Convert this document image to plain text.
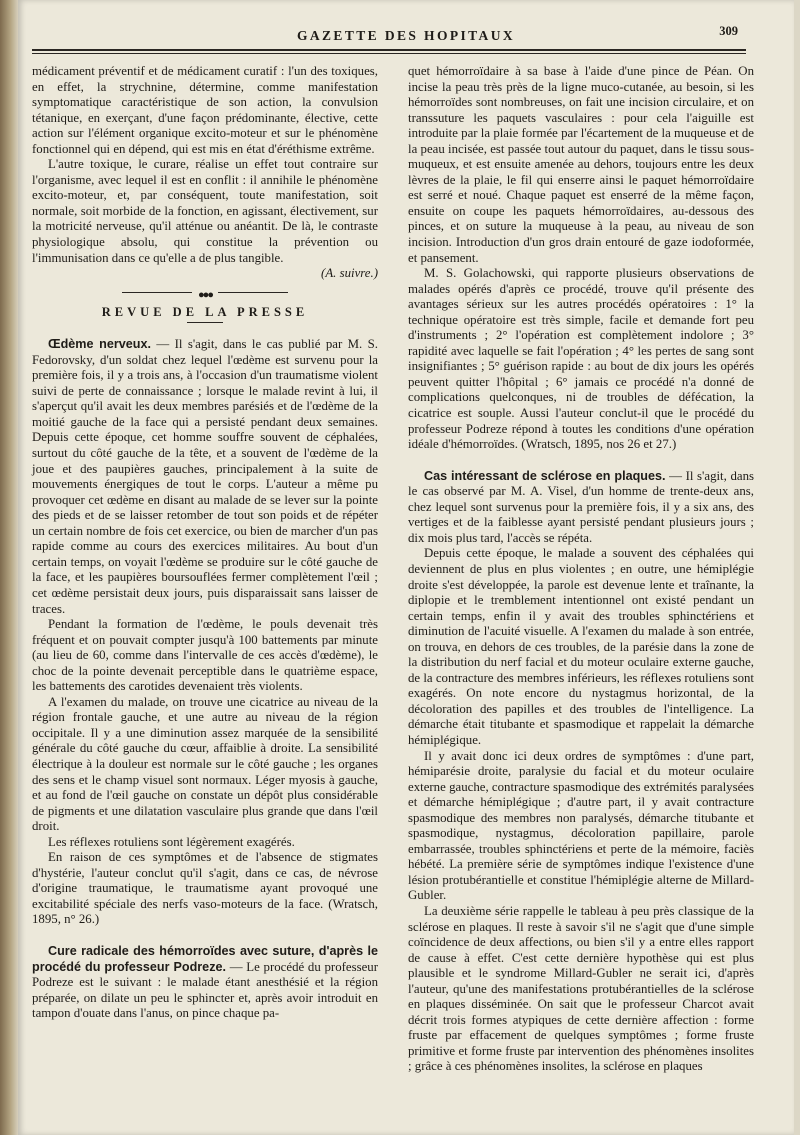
GAZETTE DES HOPITAUX	309

médicament préventif et de médicament curatif : l'un des toxiques, en effet, la strychnine, détermine, comme manifestation symptomatique caractéristique de son action, la convulsion tétanique, en exerçant, d'une façon prédominante, élective, cette action sur l'élément organique excito-moteur et sur le phénomène fonctionnel qui en dépend, qui est mis en état d'éréthisme extrême.

L'autre toxique, le curare, réalise un effet tout contraire sur l'organisme, avec lequel il est en conflit : il annihile le phénomène excito-moteur, et, par conséquent, toute manifestation, soit normale, soit morbide de la fonction, en agissant, électivement, sur la motricité nerveuse, qu'il atténue ou anéantit. De là, le contraste physiologique absolu, qui constitue la prévention ou l'immunisation dans ce qu'elle a de plus tangible.

(A. suivre.)
●●●
REVUE DE LA PRESSE

Œdème nerveux. — Il s'agit, dans le cas publié par M. S. Fedorovsky, d'un soldat chez lequel l'œdème est survenu pour la première fois, il y a trois ans, à l'occasion d'un traumatisme violent suivi de perte de connaissance ; lorsque le malade revint à lui, il s'aperçut qu'il avait les deux membres parésiés et de l'œdème de la moitié gauche de la face qui a persisté pendant deux semaines. Depuis cette époque, cet homme souffre souvent de céphalées, surtout du côté gauche de la tête, et a souvent de l'œdème de la joue et des paupières gauches, principalement à la suite de mouvements énergiques de tout le corps. L'auteur a même pu provoquer cet œdème en disant au malade de se lever sur la pointe des pieds et de se laisser retomber de tout son poids et de répéter un certain nombre de fois cet exercice, ou bien de marcher d'un pas rapide comme au cours des exercices militaires. Au bout d'un certain temps, on voyait l'œdème se produire sur le côté gauche de la face, et les paupières boursouflées fermer complètement l'œil ; cet œdème persistait deux jours, puis disparaissait sans laisser de traces.

Pendant la formation de l'œdème, le pouls devenait très fréquent et on pouvait compter jusqu'à 100 battements par minute (au lieu de 60, comme dans l'intervalle de ces accès d'œdème), le choc de la pointe devenait perceptible dans le quatrième espace, les battements des carotides devenaient très violents.

A l'examen du malade, on trouve une cicatrice au niveau de la région frontale gauche, et une autre au niveau de la région occipitale. Il y a une diminution assez marquée de la sensibilité générale du côté gauche du cœur, affaiblie à droite. La sensibilité électrique à la douleur est normale sur le côté gauche ; les organes des sens et le champ visuel sont normaux. Léger myosis à gauche, et au fond de l'œil gauche on constate un dépôt plus considérable de pigments et une dilatation vasculaire plus grande que dans l'œil droit.

Les réflexes rotuliens sont légèrement exagérés.

En raison de ces symptômes et de l'absence de stigmates d'hystérie, l'auteur conclut qu'il s'agit, dans ce cas, de névrose d'origine traumatique, le traumatisme ayant provoqué une excitabilité spéciale des nerfs vaso-moteurs de la face. (Wratsch, 1895, n° 26.)

Cure radicale des hémorroïdes avec suture, d'après le procédé du professeur Podreze. — Le procédé du professeur Podreze est le suivant : le malade étant anesthésié et la région préparée, on dilate un peu le sphincter et, après avoir introduit en tampon d'ouate dans l'anus, on pince chaque pa-

quet hémorroïdaire à sa base à l'aide d'une pince de Péan. On incise la peau très près de la ligne muco-cutanée, au besoin, si les hémorroïdes sont nombreuses, on fait une incision circulaire, et on transsuture les paquets vasculaires : pour cela l'aiguille est introduite par la plaie formée par l'écartement de la muqueuse et de la peau incisée, est passée tout autour du paquet, dans le tissu sous-muqueux, et est ensuite amenée au dehors, toujours entre les deux lèvres de la plaie, le fil qui enserre ainsi le paquet hémorroïdaire est serré et noué. Chaque paquet est enserré de la même façon, ensuite on coupe les paquets hémorroïdaires, au-dessous des pinces, et on suture la muqueuse à la peau, au niveau de son incision. Introduction d'un gros drain entouré de gaze iodoformée, et pansement.

M. S. Golachowski, qui rapporte plusieurs observations de malades opérés d'après ce procédé, trouve qu'il présente des avantages sérieux sur les autres procédés opératoires : 1° la technique opératoire est très simple, facile et demande fort peu d'instruments ; 2° l'opération est complètement indolore ; 3° rapidité avec laquelle se fait l'opération ; 4° les pertes de sang sont insignifiantes ; 5° guérison rapide : au bout de dix jours les opérés peuvent quitter l'hôpital ; 6° jamais ce procédé n'a donné de complications quelconques, ni de troubles de défécation, la cicatrice est souple. Aussi l'auteur conclut-il que le procédé du professeur Podreze répond à toutes les conditions d'une opération idéale d'hémorroïdes. (Wratsch, 1895, nos 26 et 27.)

Cas intéressant de sclérose en plaques. — Il s'agit, dans le cas observé par M. A. Visel, d'un homme de trente-deux ans, chez lequel sont survenus pour la première fois, il y a six ans, des vertiges et de la faiblesse ayant persisté pendant plusieurs jours ; dix mois plus tard, l'accès se répéta.

Depuis cette époque, le malade a souvent des céphalées qui deviennent de plus en plus violentes ; en outre, une hémiplégie droite s'est développée, la parole est devenue lente et traînante, la diplopie et le tremblement intentionnel ont existé pendant un certain temps, enfin il y avait des troubles sphinctériens et diminution de l'acuité visuelle. A l'examen du malade à son entrée, on trouva, en dehors de ces troubles, de la parésie dans la zone de la distribution du nerf facial et du moteur oculaire externe gauche, de la contracture des membres inférieurs, les réflexes rotuliens sont exagérés. On note encore du nystagmus horizontal, de la décoloration des papilles et des troubles de l'intelligence. La démarche était titubante et spasmodique et rappelait la démarche hémiplégique.

Il y avait donc ici deux ordres de symptômes : d'une part, hémiparésie droite, paralysie du facial et du moteur oculaire externe gauche, contracture spasmodique des extrémités paralysées et démarche hémiplégique ; d'autre part, il y avait contracture spasmodique des membres non paralysés, démarche titubante et spasmodique, nystagmus, décoloration papillaire, parole embarrassée, troubles sphinctériens et perte de la mémoire, faciès hébété. La première série de symptômes indique l'existence d'une lésion protubérantielle et constitue l'hémiplégie alterne de Millard-Gubler.

La deuxième série rappelle le tableau à peu près classique de la sclérose en plaques. Il reste à savoir s'il ne s'agit que d'une simple coïncidence de deux affections, ou bien s'il y a entre elles rapport de cause à effet. C'est cette dernière hypothèse qui est plus plausible et le syndrome Millard-Gubler ne serait ici, d'après l'auteur, qu'une des manifestations protubérantielles de la sclérose en plaques disséminée. On sait que le professeur Charcot avait décrit trois formes atypiques de cette dernière affection : forme fruste par effacement de quelques symptômes ; forme fruste primitive et forme fruste par intervention des phénomènes insolites ; grâce à ces phénomènes insolites, la sclérose en plaques
